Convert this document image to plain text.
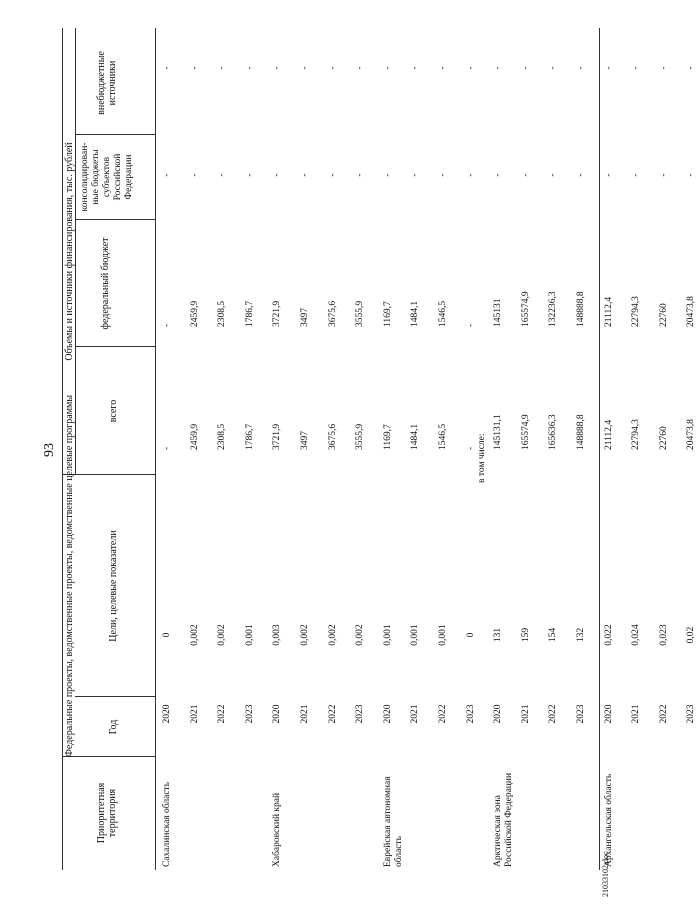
93 Федеральные проекты, ведомственные проекты, ведомственные целевые программы
Объемы и источники финансирования, тыс. рублей
Приоритетная территория
Год
Цели, целевые показатели
всего
федеральный бюджет
консолидирован-ные бюджеты субъектов Российской Федерации
внебюджетные источники
в том числе:
Сахалинская область
2020
0
-
-
-
-
2021
0,002
2459,9
2459,9
-
-
2022
0,002
2308,5
2308,5
-
-
2023
0,001
1786,7
1786,7
-
-
Хабаровский край
2020
0,003
3721,9
3721,9
-
-
2021
0,002
3497
3497
-
-
2022
0,002
3675,6
3675,6
-
-
2023
0,002
3555,9
3555,9
-
-
Еврейская автономная область
2020
0,001
1169,7
1169,7
-
-
2021
0,001
1484,1
1484,1
-
-
2022
0,001
1546,5
1546,5
-
-
2023
0
-
-
-
-
Арктическая зона Российской Федерации
2020
131
145131,1
145131
-
-
2021
159
165574,9
165574,9
-
-
2022
154
165636,3
132236,3
-
-
2023
132
148888,8
148888,8
-
-
Архангельская область
2020
0,022
21112,4
21112,4
-
-
2021
0,024
22794,3
22794,3
-
-
2022
0,023
22760
22760
-
-
2023
0,02
20473,8
20473,8
-
-
21033102.doc
